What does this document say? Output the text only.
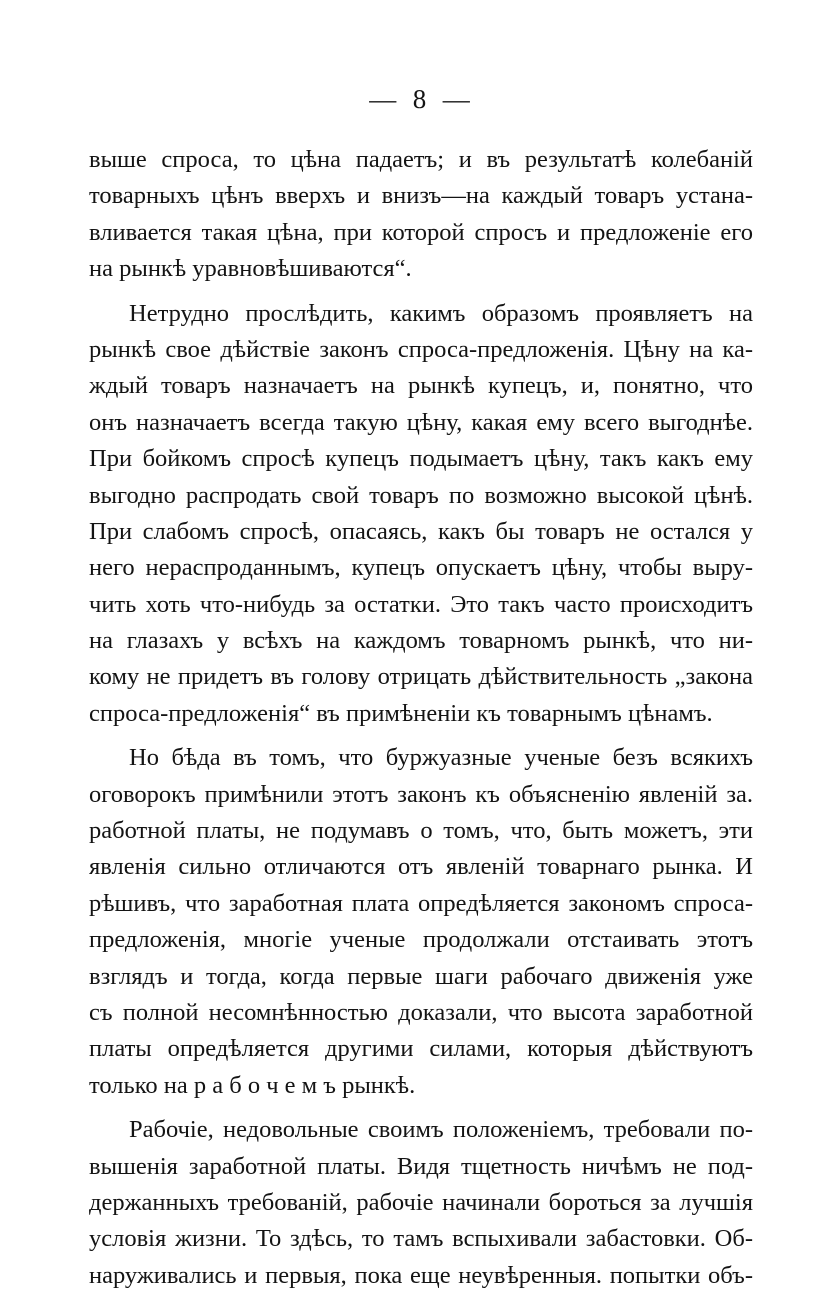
—  8  —
выше спроса, то цѣна падаетъ; и въ результатѣ колебаній
товарныхъ цѣнъ вверхъ и внизъ—на каждый товаръ устана-
вливается такая цѣна, при которой спросъ и предложеніе его
на рынкѣ уравновѣшиваются“.
Нетрудно прослѣдить, какимъ образомъ проявляетъ на
рынкѣ свое дѣйствіе законъ спроса-предложенія. Цѣну на ка-
ждый товаръ назначаетъ на рынкѣ купецъ, и, понятно, что
онъ назначаетъ всегда такую цѣну, какая ему всего выгоднѣе.
При бойкомъ спросѣ купецъ подымаетъ цѣну, такъ какъ ему
выгодно распродать свой товаръ по возможно высокой цѣнѣ.
При слабомъ спросѣ, опасаясь, какъ бы товаръ не остался у
него нераспроданнымъ, купецъ опускаетъ цѣну, чтобы выру-
чить хоть что-нибудь за остатки. Это такъ часто происходитъ
на глазахъ у всѣхъ на каждомъ товарномъ рынкѣ, что ни-
кому не придетъ въ голову отрицать дѣйствительность „закона
спроса-предложенія“ въ примѣненіи къ товарнымъ цѣнамъ.
Но бѣда въ томъ, что буржуазные ученые безъ всякихъ
оговорокъ примѣнили этотъ законъ къ объясненію явленій за.
работной платы, не подумавъ о томъ, что, быть можетъ, эти
явленія сильно отличаются отъ явленій товарнаго рынка. И
рѣшивъ, что заработная плата опредѣляется закономъ спроса-
предложенія, многіе ученые продолжали отстаивать этотъ
взглядъ и тогда, когда первые шаги рабочаго движенія уже
съ полной несомнѣнностью доказали, что высота заработной
платы опредѣляется другими силами, которыя дѣйствуютъ
только на р а б о ч е м ъ рынкѣ.
Рабочіе, недовольные своимъ положеніемъ, требовали по-
вышенія заработной платы. Видя тщетность ничѣмъ не под-
держанныхъ требованій, рабочіе начинали бороться за лучшія
условія жизни. То здѣсь, то тамъ вспыхивали забастовки. Об-
наруживались и первыя, пока еще неувѣренныя. попытки объ-
